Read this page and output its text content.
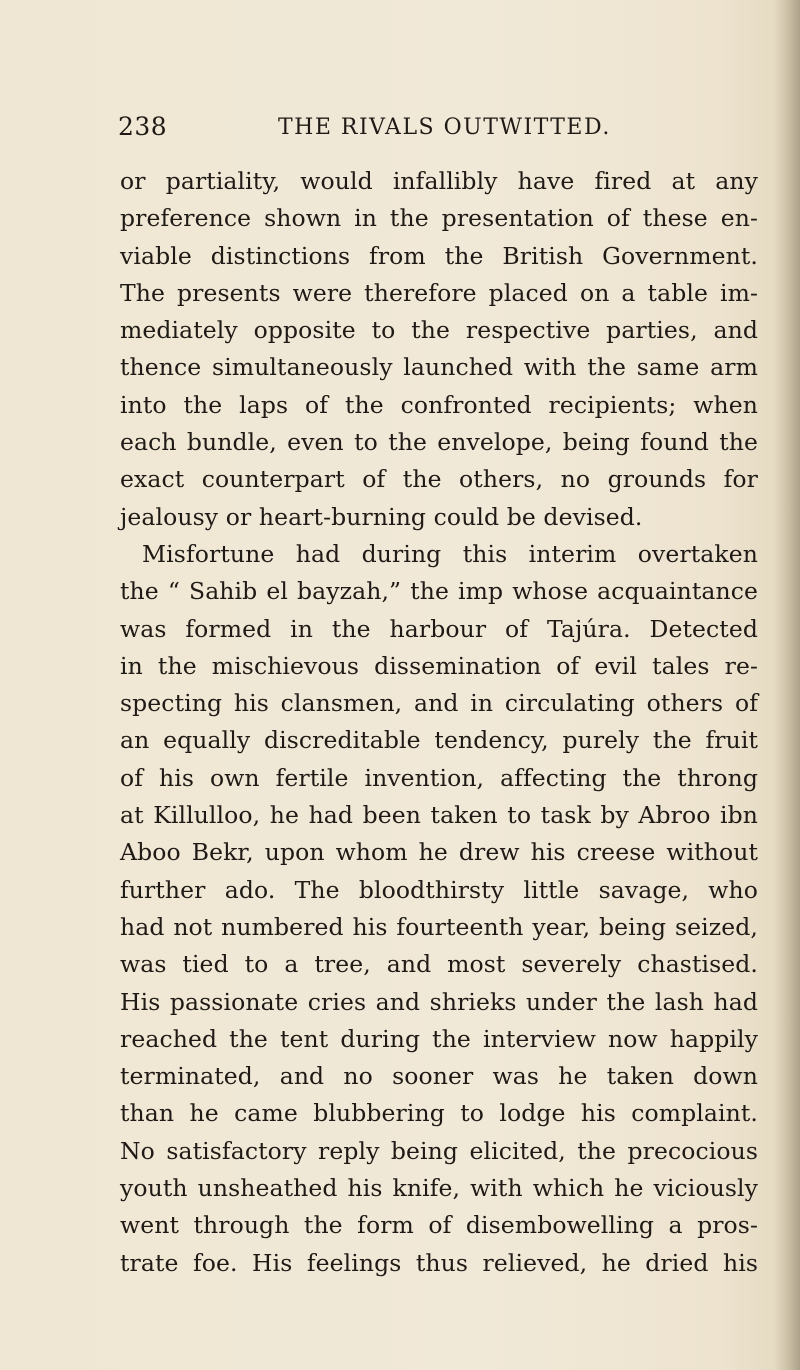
238	THE RIVALS OUTWITTED.
or partiality, would infallibly have fired at any
preference shown in the presentation of these en-
viable distinctions from the British Government.
The presents were therefore placed on a table im-
mediately opposite to the respective parties, and
thence simultaneously launched with the same arm
into the laps of the confronted recipients; when
each bundle, even to the envelope, being found the
exact counterpart of the others, no grounds for
jealousy or heart-burning could be devised.
Misfortune had during this interim overtaken
the “ Sahib el bayzah,” the imp whose acquaintance
was formed in the harbour of Tajúra. Detected
in the mischievous dissemination of evil tales re-
specting his clansmen, and in circulating others of
an equally discreditable tendency, purely the fruit
of his own fertile invention, affecting the throng
at Killulloo, he had been taken to task by Abroo ibn
Aboo Bekr, upon whom he drew his creese without
further ado. The bloodthirsty little savage, who
had not numbered his fourteenth year, being seized,
was tied to a tree, and most severely chastised.
His passionate cries and shrieks under the lash had
reached the tent during the interview now happily
terminated, and no sooner was he taken down
than he came blubbering to lodge his complaint.
No satisfactory reply being elicited, the precocious
youth unsheathed his knife, with which he viciously
went through the form of disembowelling a pros-
trate foe. His feelings thus relieved, he dried his
